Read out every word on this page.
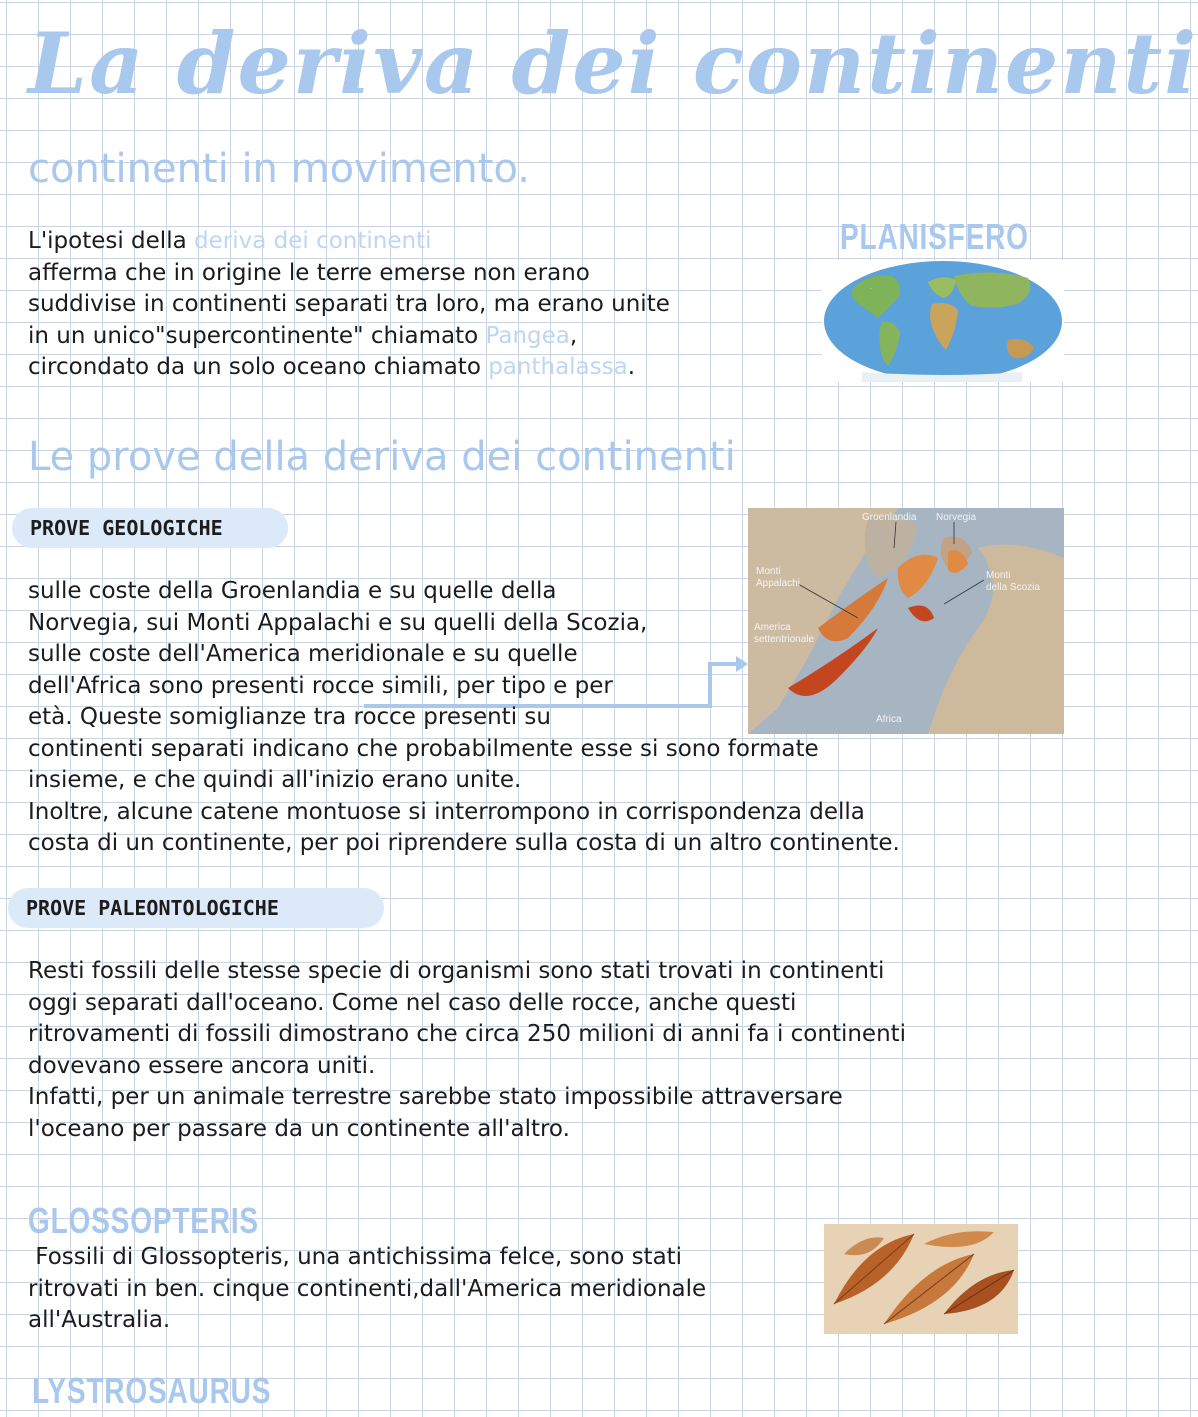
La deriva dei continenti
continenti in movimento.
L'ipotesi della deriva dei continenti
afferma che in origine le terre emerse non erano
suddivise in continenti separati tra loro, ma erano unite
in un unico"supercontinente" chiamato Pangea,
circondato da un solo oceano chiamato panthalassa.
PLANISFERO
·
Le prove della deriva dei continenti
PROVE GEOLOGICHE	Groenlandia Norvegia
Monti
Appalachi
Monti
della Scozia
America
settentrionale
Africa
sulle coste della Groenlandia e su quelle della
Norvegia, sui Monti Appalachi e su quelli della Scozia,
sulle coste dell'America meridionale e su quelle
dell'Africa sono presenti rocce simili, per tipo e per
età. Queste somiglianze tra rocce presenti su
continenti separati indicano che probabilmente esse si sono formate
insieme, e che quindi all'inizio erano unite.
Inoltre, alcune catene montuose si interrompono in corrispondenza della
costa di un continente, per poi riprendere sulla costa di un altro continente.
PROVE PALEONTOLOGICHE
Resti fossili delle stesse specie di organismi sono stati trovati in continenti
oggi separati dall'oceano. Come nel caso delle rocce, anche questi
ritrovamenti di fossili dimostrano che circa 250 milioni di anni fa i continenti
dovevano essere ancora uniti.
Infatti, per un animale terrestre sarebbe stato impossibile attraversare
l'oceano per passare da un continente all'altro.
GLOSSOPTERIS
Fossili di Glossopteris, una antichissima felce, sono stati
ritrovati in ben. cinque continenti,dall'America meridionale
all'Australia.
LYSTROSAURUS
